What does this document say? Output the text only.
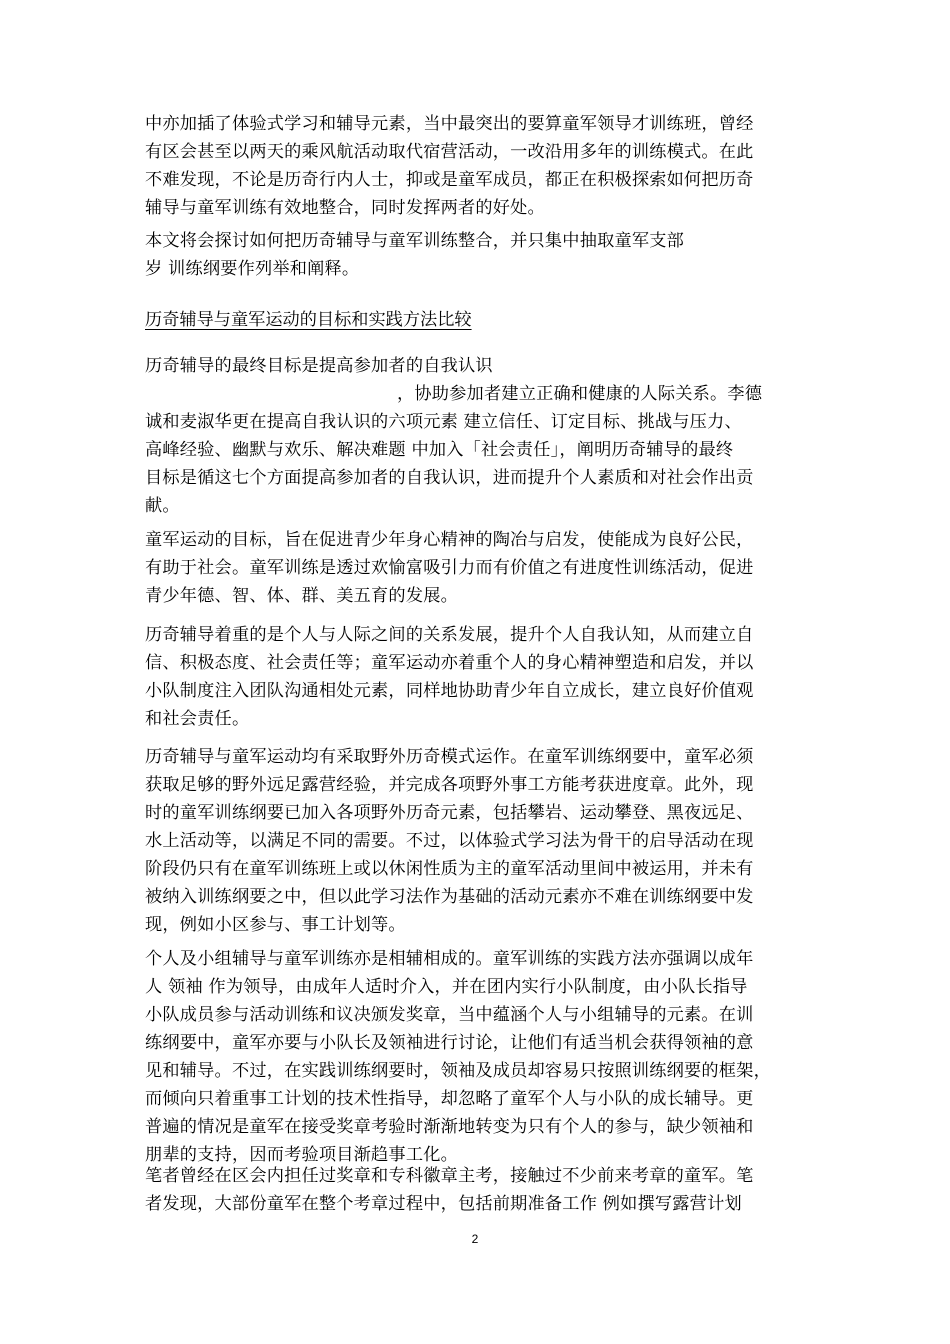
中亦加插了体验式学习和辅导元素，当中最突出的要算童军领导才训练班，曾经
有区会甚至以两天的乘风航活动取代宿营活动，一改沿用多年的训练模式。在此
不难发现，不论是历奇行内人士，抑或是童军成员，都正在积极探索如何把历奇
辅导与童军训练有效地整合，同时发挥两者的好处。
本文将会探讨如何把历奇辅导与童军训练整合，并只集中抽取童军支部
岁 训练纲要作列举和阐释。
历奇辅导与童军运动的目标和实践方法比较
历奇辅导的最终目标是提高参加者的自我认识
，协助参加者建立正确和健康的人际关系。李德
诚和麦淑华更在提高自我认识的六项元素 建立信任、订定目标、挑战与压力、
高峰经验、幽默与欢乐、解决难题 中加入「社会责任」，阐明历奇辅导的最终
目标是循这七个方面提高参加者的自我认识，进而提升个人素质和对社会作出贡
献。
童军运动的目标，旨在促进青少年身心精神的陶冶与启发，使能成为良好公民，
有助于社会。童军训练是透过欢愉富吸引力而有价值之有进度性训练活动，促进
青少年德、智、体、群、美五育的发展。
历奇辅导着重的是个人与人际之间的关系发展，提升个人自我认知，从而建立自
信、积极态度、社会责任等；童军运动亦着重个人的身心精神塑造和启发，并以
小队制度注入团队沟通相处元素，同样地协助青少年自立成长，建立良好价值观
和社会责任。
历奇辅导与童军运动均有采取野外历奇模式运作。在童军训练纲要中，童军必须
获取足够的野外远足露营经验，并完成各项野外事工方能考获进度章。此外，现
时的童军训练纲要已加入各项野外历奇元素，包括攀岩、运动攀登、黑夜远足、
水上活动等，以满足不同的需要。不过，以体验式学习法为骨干的启导活动在现
阶段仍只有在童军训练班上或以休闲性质为主的童军活动里间中被运用，并未有
被纳入训练纲要之中，但以此学习法作为基础的活动元素亦不难在训练纲要中发
现，例如小区参与、事工计划等。
个人及小组辅导与童军训练亦是相辅相成的。童军训练的实践方法亦强调以成年
人 领袖 作为领导，由成年人适时介入，并在团内实行小队制度，由小队长指导
小队成员参与活动训练和议决颁发奖章，当中蕴涵个人与小组辅导的元素。在训
练纲要中，童军亦要与小队长及领袖进行讨论，让他们有适当机会获得领袖的意
见和辅导。不过，在实践训练纲要时，领袖及成员却容易只按照训练纲要的框架，
而倾向只着重事工计划的技术性指导，却忽略了童军个人与小队的成长辅导。更
普遍的情况是童军在接受奖章考验时渐渐地转变为只有个人的参与，缺少领袖和
朋辈的支持，因而考验项目渐趋事工化。
笔者曾经在区会内担任过奖章和专科徽章主考，接触过不少前来考章的童军。笔
者发现，大部份童军在整个考章过程中，包括前期准备工作 例如撰写露营计划
2
